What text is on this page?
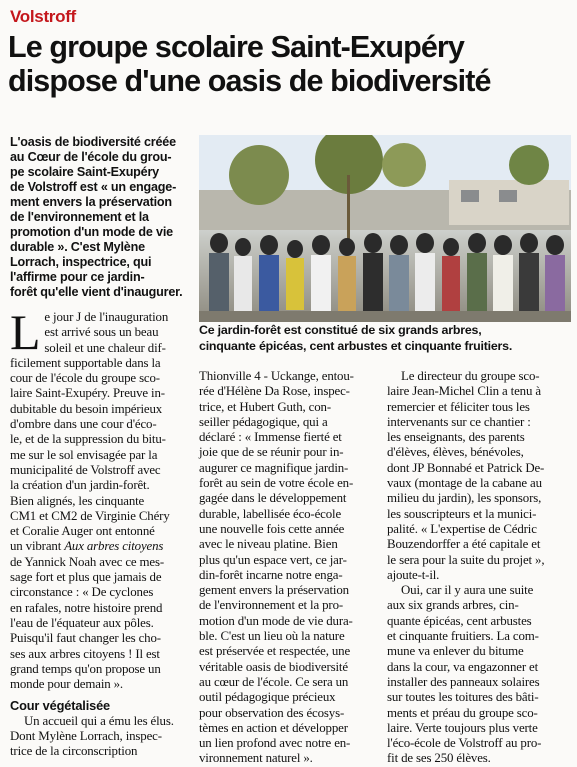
Volstroff
Le groupe scolaire Saint-Exupéry
dispose d'une oasis de biodiversité
L'oasis de biodiversité créée
au Cœur de l'école du grou-
pe scolaire Saint-Exupéry
de Volstroff est « un engage-
ment envers la préservation
de l'environnement et la
promotion d'un mode de vie
durable ». C'est Mylène
Lorrach, inspectrice, qui
l'affirme pour ce jardin-
forêt qu'elle vient d'inaugurer.
Ce jardin-forêt est constitué de six grands arbres,
cinquante épicéas, cent arbustes et cinquante fruitiers.
L e jour J de l'inauguration
est arrivé sous un beau
soleil et une chaleur dif-
ficilement supportable dans la
cour de l'école du groupe sco-
laire Saint-Exupéry. Preuve in-
dubitable du besoin impérieux
d'ombre dans une cour d'éco-
le, et de la suppression du bitu-
me sur le sol envisagée par la
municipalité de Volstroff avec
la création d'un jardin-forêt.
Bien alignés, les cinquante
CM1 et CM2 de Virginie Chéry
et Coralie Auger ont entonné
un vibrant Aux arbres citoyens
de Yannick Noah avec ce mes-
sage fort et plus que jamais de
circonstance : « De cyclones
en rafales, notre histoire prend
l'eau de l'équateur aux pôles.
Puisqu'il faut changer les cho-
ses aux arbres citoyens ! Il est
grand temps qu'on propose un
monde pour demain ».
Cour végétalisée
Un accueil qui a ému les élus.
Dont Mylène Lorrach, inspec-
trice de la circonscription
Thionville 4 - Uckange, entou-
rée d'Hélène Da Rose, inspec-
trice, et Hubert Guth, con-
seiller pédagogique, qui a
déclaré : « Immense fierté et
joie que de se réunir pour in-
augurer ce magnifique jardin-
forêt au sein de votre école en-
gagée dans le développement
durable, labellisée éco-école
une nouvelle fois cette année
avec le niveau platine. Bien
plus qu'un espace vert, ce jar-
din-forêt incarne notre enga-
gement envers la préservation
de l'environnement et la pro-
motion d'un mode de vie dura-
ble. C'est un lieu où la nature
est préservée et respectée, une
véritable oasis de biodiversité
au cœur de l'école. Ce sera un
outil pédagogique précieux
pour observation des écosys-
tèmes en action et développer
un lien profond avec notre en-
vironnement naturel ».
Le directeur du groupe sco-
laire Jean-Michel Clin a tenu à
remercier et féliciter tous les
intervenants sur ce chantier :
les enseignants, des parents
d'élèves, élèves, bénévoles,
dont JP Bonnabé et Patrick De-
vaux (montage de la cabane au
milieu du jardin), les sponsors,
les souscripteurs et la munici-
palité. « L'expertise de Cédric
Bouzendorffer a été capitale et
le sera pour la suite du projet »,
ajoute-t-il.
Oui, car il y aura une suite
aux six grands arbres, cin-
quante épicéas, cent arbustes
et cinquante fruitiers. La com-
mune va enlever du bitume
dans la cour, va engazonner et
installer des panneaux solaires
sur toutes les toitures des bâti-
ments et préau du groupe sco-
laire. Verte toujours plus verte
l'éco-école de Volstroff au pro-
fit de ses 250 élèves.
